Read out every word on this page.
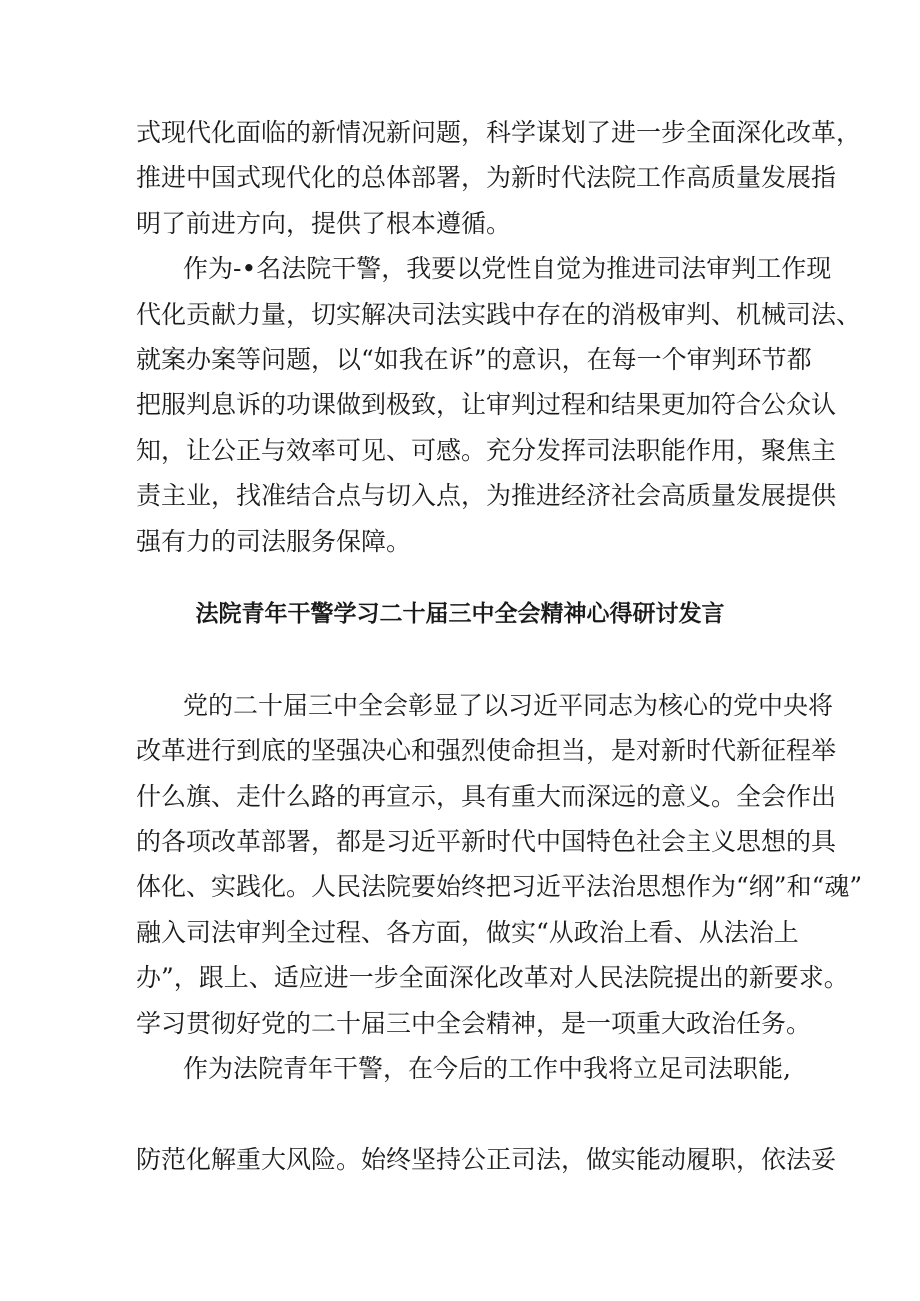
式现代化面临的新情况新问题，科学谋划了进一步全面深化改革，
推进中国式现代化的总体部署，为新时代法院工作高质量发展指
明了前进方向，提供了根本遵循。
作为-•名法院干警，我要以党性自觉为推进司法审判工作现
代化贡献力量，切实解决司法实践中存在的消极审判、机械司法、
就案办案等问题，以“如我在诉”的意识，在每一个审判环节都
把服判息诉的功课做到极致，让审判过程和结果更加符合公众认
知，让公正与效率可见、可感。充分发挥司法职能作用，聚焦主
责主业，找准结合点与切入点，为推进经济社会高质量发展提供
强有力的司法服务保障。
法院青年干警学习二十届三中全会精神心得研讨发言
党的二十届三中全会彰显了以习近平同志为核心的党中央将
改革进行到底的坚强决心和强烈使命担当，是对新时代新征程举
什么旗、走什么路的再宣示，具有重大而深远的意义。全会作出
的各项改革部署，都是习近平新时代中国特色社会主义思想的具
体化、实践化。人民法院要始终把习近平法治思想作为“纲”和“魂”
融入司法审判全过程、各方面，做实“从政治上看、从法治上
办”，跟上、适应进一步全面深化改革对人民法院提出的新要求。
学习贯彻好党的二十届三中全会精神，是一项重大政治任务。
作为法院青年干警，在今后的工作中我将立足司法职能,
防范化解重大风险。始终坚持公正司法，做实能动履职，依法妥
